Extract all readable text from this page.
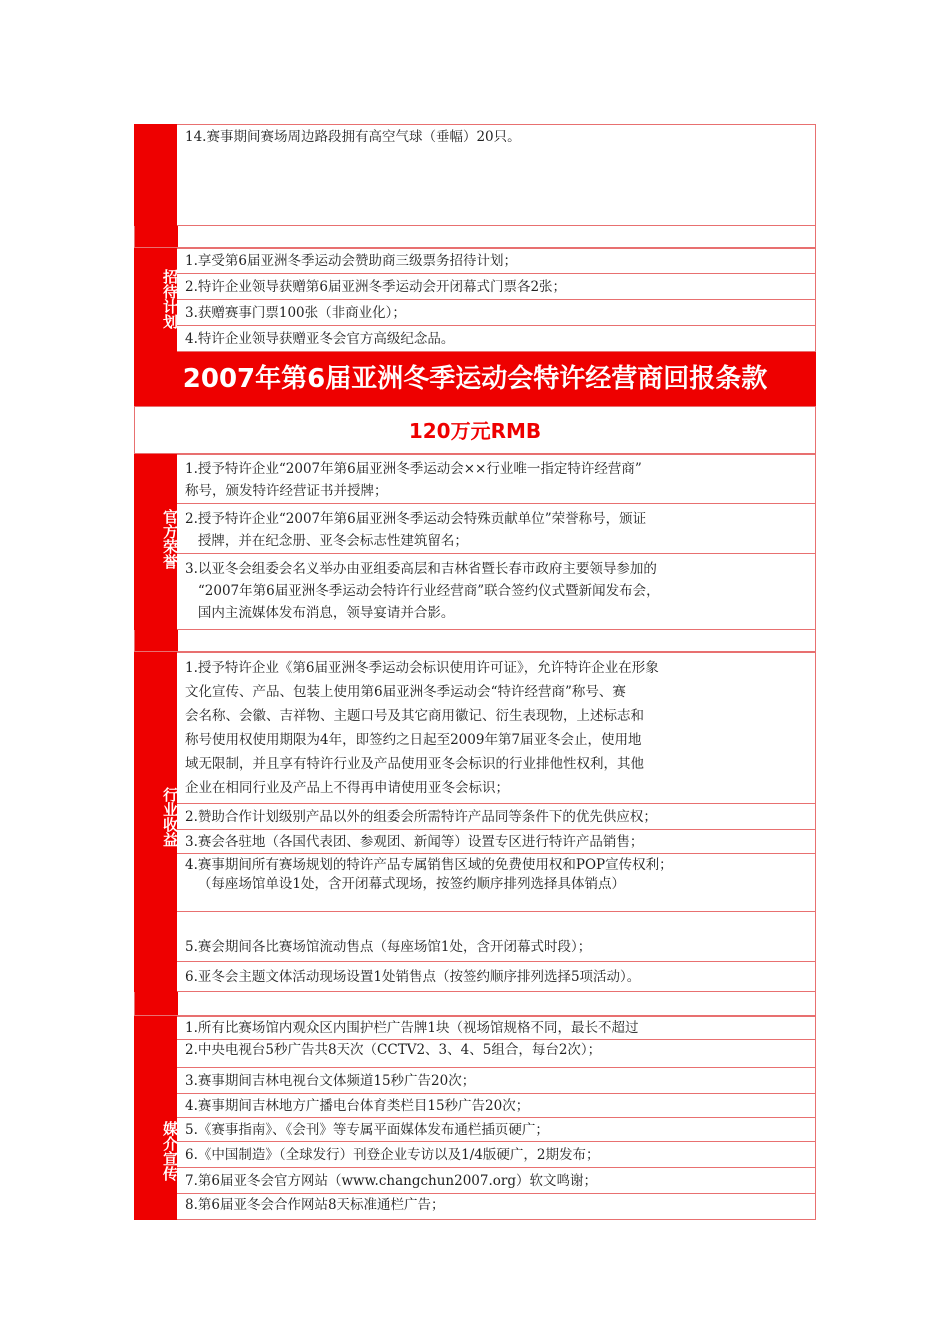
14.赛事期间赛场周边路段拥有高空气球（垂幅）20只。
招待计划
1.享受第6届亚洲冬季运动会赞助商三级票务招待计划；
2.特许企业领导获赠第6届亚洲冬季运动会开闭幕式门票各2张；
3.获赠赛事门票100张（非商业化）；
4.特许企业领导获赠亚冬会官方高级纪念品。
2007年第6届亚洲冬季运动会特许经营商回报条款
120万元RMB
官方荣誉
1.授予特许企业“2007年第6届亚洲冬季运动会××行业唯一指定特许经营商”
称号，颁发特许经营证书并授牌；
2.授予特许企业“2007年第6届亚洲冬季运动会特殊贡献单位”荣誉称号，颁证
授牌，并在纪念册、亚冬会标志性建筑留名；
3.以亚冬会组委会名义举办由亚组委高层和吉林省暨长春市政府主要领导参加的
“2007年第6届亚洲冬季运动会特许行业经营商”联合签约仪式暨新闻发布会，
国内主流媒体发布消息，领导宴请并合影。
行业收益
1.授予特许企业《第6届亚洲冬季运动会标识使用许可证》，允许特许企业在形象
文化宣传、产品、包装上使用第6届亚洲冬季运动会“特许经营商”称号、赛
会名称、会徽、吉祥物、主题口号及其它商用徽记、衍生表现物，上述标志和
称号使用权使用期限为4年，即签约之日起至2009年第7届亚冬会止，使用地
域无限制，并且享有特许行业及产品使用亚冬会标识的行业排他性权利，其他
企业在相同行业及产品上不得再申请使用亚冬会标识；
2.赞助合作计划级别产品以外的组委会所需特许产品同等条件下的优先供应权；
3.赛会各驻地（各国代表团、参观团、新闻等）设置专区进行特许产品销售；
4.赛事期间所有赛场规划的特许产品专属销售区域的免费使用权和POP宣传权利；
（每座场馆单设1处，含开闭幕式现场，按签约顺序排列选择具体销点）
5.赛会期间各比赛场馆流动售点（每座场馆1处，含开闭幕式时段）；
6.亚冬会主题文体活动现场设置1处销售点（按签约顺序排列选择5项活动）。
媒介宣传
1.所有比赛场馆内观众区内围护栏广告牌1块（视场馆规格不同，最长不超过
2.中央电视台5秒广告共8天次（CCTV2、3、4、5组合，每台2次）；
3.赛事期间吉林电视台文体频道15秒广告20次；
4.赛事期间吉林地方广播电台体育类栏目15秒广告20次；
5.《赛事指南》、《会刊》等专属平面媒体发布通栏插页硬广；
6.《中国制造》（全球发行）刊登企业专访以及1/4版硬广，2期发布；
7.第6届亚冬会官方网站（www.changchun2007.org）软文鸣谢；
8.第6届亚冬会合作网站8天标准通栏广告；
